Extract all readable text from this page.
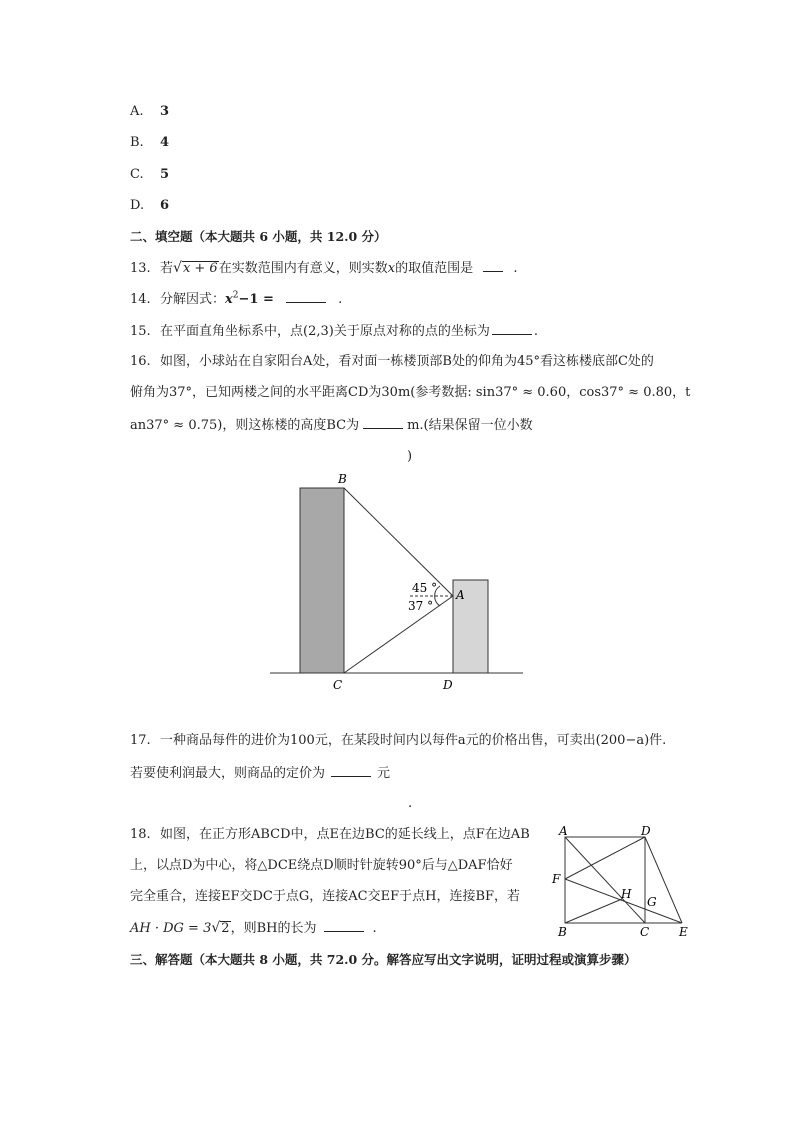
A. 3
B. 4
C. 5
D. 6
二、填空题（本大题共 6 小题，共 12.0 分）
13. 若√x + 6在实数范围内有意义，则实数x的取值范围是	.
14. 分解因式：$x^2-1$ =	.
15. 在平面直角坐标系中，点(2,3)关于原点对称的点的坐标为	.
16. 如图，小球站在自家阳台A处，看对面一栋楼顶部B处的仰角为45°看这栋楼底部C处的
俯角为37°，已知两楼之间的水平距离CD为30m(参考数据: sin37° ≈ 0.60，cos37° ≈ 0.80，t
an37° ≈ 0.75)，则这栋楼的高度BC为	m.(结果保留一位小数
)
B
A
C	D
45 °
37 °
17. 一种商品每件的进价为100元，在某段时间内以每件a元的价格出售，可卖出(200−a)件.
若要使利润最大，则商品的定价为	元
.
18. 如图，在正方形ABCD中，点E在边BC的延长线上，点F在边AB
上，以点D为中心，将△DCE绕点D顺时针旋转90°后与△DAF恰好
完全重合，连接EF交DC于点G，连接AC交EF于点H，连接BF，若
AH · DG = 3√2，则BH的长为	.
A	D
F
H
G
B	C E
三、解答题（本大题共 8 小题，共 72.0 分。解答应写出文字说明，证明过程或演算步骤）
